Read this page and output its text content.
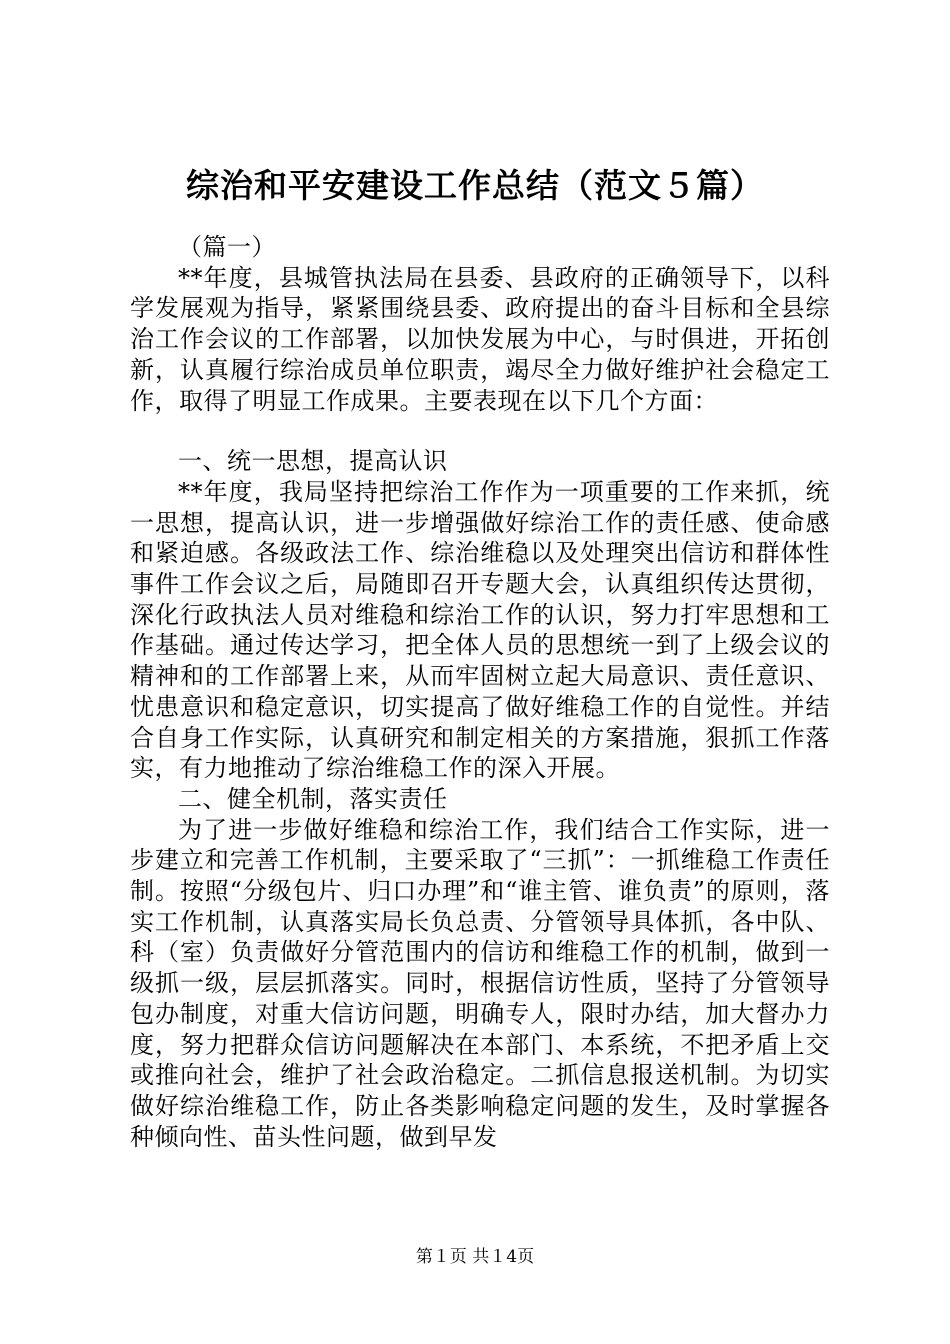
综治和平安建设工作总结（范文５篇）

（篇一）

**年度，县城管执法局在县委、县政府的正确领导下，以科学发展观为指导，紧紧围绕县委、政府提出的奋斗目标和全县综治工作会议的工作部署，以加快发展为中心，与时俱进，开拓创新，认真履行综治成员单位职责，竭尽全力做好维护社会稳定工作，取得了明显工作成果。主要表现在以下几个方面：

一、统一思想，提高认识

**年度，我局坚持把综治工作作为一项重要的工作来抓，统一思想，提高认识，进一步增强做好综治工作的责任感、使命感和紧迫感。各级政法工作、综治维稳以及处理突出信访和群体性事件工作会议之后，局随即召开专题大会，认真组织传达贯彻，深化行政执法人员对维稳和综治工作的认识，努力打牢思想和工作基础。通过传达学习，把全体人员的思想统一到了上级会议的精神和的工作部署上来，从而牢固树立起大局意识、责任意识、忧患意识和稳定意识，切实提高了做好维稳工作的自觉性。并结合自身工作实际，认真研究和制定相关的方案措施，狠抓工作落实，有力地推动了综治维稳工作的深入开展。

二、健全机制，落实责任

为了进一步做好维稳和综治工作，我们结合工作实际，进一步建立和完善工作机制，主要采取了“三抓”：一抓维稳工作责任制。按照“分级包片、归口办理”和“谁主管、谁负责”的原则，落实工作机制，认真落实局长负总责、分管领导具体抓，各中队、科（室）负责做好分管范围内的信访和维稳工作的机制，做到一级抓一级，层层抓落实。同时，根据信访性质，坚持了分管领导包办制度，对重大信访问题，明确专人，限时办结，加大督办力度，努力把群众信访问题解决在本部门、本系统，不把矛盾上交或推向社会，维护了社会政治稳定。二抓信息报送机制。为切实做好综治维稳工作，防止各类影响稳定问题的发生，及时掌握各种倾向性、苗头性问题，做到早发

第１页 共１4页
